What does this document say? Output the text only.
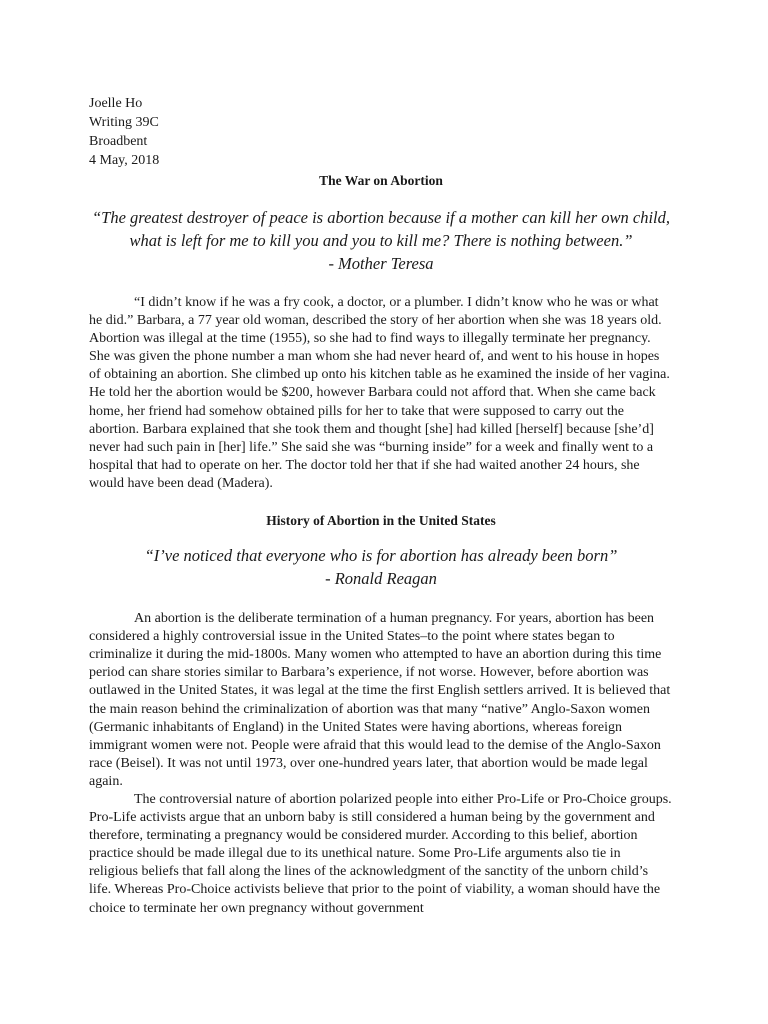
Joelle Ho
Writing 39C
Broadbent
4 May, 2018
The War on Abortion

“The greatest destroyer of peace is abortion because if a mother can kill her own child, what is left for me to kill you and you to kill me? There is nothing between.”

- Mother Teresa

“I didn’t know if he was a fry cook, a doctor, or a plumber. I didn’t know who he was or what he did.” Barbara, a 77 year old woman, described the story of her abortion when she was 18 years old. Abortion was illegal at the time (1955), so she had to find ways to illegally terminate her pregnancy. She was given the phone number a man whom she had never heard of, and went to his house in hopes of obtaining an abortion. She climbed up onto his kitchen table as he examined the inside of her vagina. He told her the abortion would be $200, however Barbara could not afford that. When she came back home, her friend had somehow obtained pills for her to take that were supposed to carry out the abortion. Barbara explained that she took them and thought [she] had killed [herself] because [she’d] never had such pain in [her] life.” She said she was “burning inside” for a week and finally went to a hospital that had to operate on her. The doctor told her that if she had waited another 24 hours, she would have been dead (Madera).

History of Abortion in the United States

“I’ve noticed that everyone who is for abortion has already been born”

- Ronald Reagan

An abortion is the deliberate termination of a human pregnancy. For years, abortion has been considered a highly controversial issue in the United States–to the point where states began to criminalize it during the mid-1800s. Many women who attempted to have an abortion during this time period can share stories similar to Barbara’s experience, if not worse. However, before abortion was outlawed in the United States, it was legal at the time the first English settlers arrived. It is believed that the main reason behind the criminalization of abortion was that many “native” Anglo-Saxon women (Germanic inhabitants of England) in the United States were having abortions, whereas foreign immigrant women were not. People were afraid that this would lead to the demise of the Anglo-Saxon race (Beisel). It was not until 1973, over one-hundred years later, that abortion would be made legal again.

The controversial nature of abortion polarized people into either Pro-Life or Pro-Choice groups. Pro-Life activists argue that an unborn baby is still considered a human being by the government and therefore, terminating a pregnancy would be considered murder. According to this belief, abortion practice should be made illegal due to its unethical nature. Some Pro-Life arguments also tie in religious beliefs that fall along the lines of the acknowledgment of the sanctity of the unborn child’s life. Whereas Pro-Choice activists believe that prior to the point of viability, a woman should have the choice to terminate her own pregnancy without government
